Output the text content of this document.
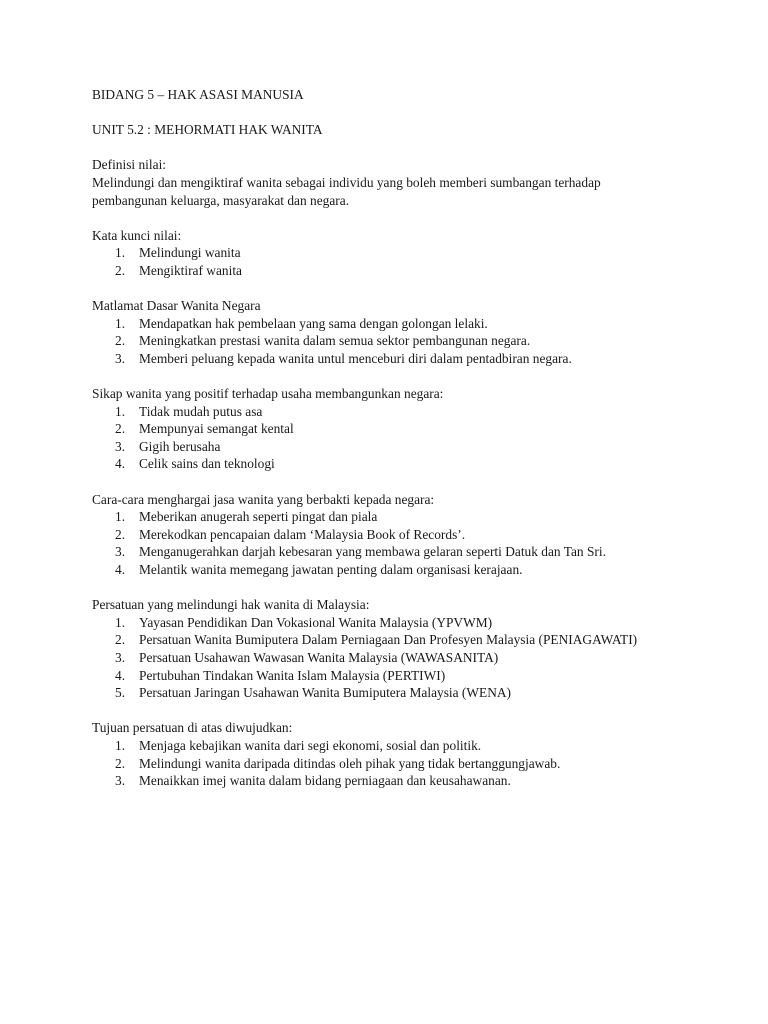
BIDANG 5 – HAK ASASI MANUSIA

UNIT 5.2 : MEHORMATI HAK WANITA

Definisi nilai:

Melindungi dan mengiktiraf wanita sebagai individu yang boleh memberi sumbangan terhadap

pembangunan keluarga, masyarakat dan negara.

Kata kunci nilai:

1.	Melindungi wanita
2.	Mengiktiraf wanita

Matlamat Dasar Wanita Negara

1.	Mendapatkan hak pembelaan yang sama dengan golongan lelaki.
2.	Meningkatkan prestasi wanita dalam semua sektor pembangunan negara.
3.	Memberi peluang kepada wanita untul menceburi diri dalam pentadbiran negara.

Sikap wanita yang positif terhadap usaha membangunkan negara:

1.	Tidak mudah putus asa
2.	Mempunyai semangat kental
3.	Gigih berusaha
4.	Celik sains dan teknologi

Cara-cara menghargai jasa wanita yang berbakti kepada negara:

1.	Meberikan anugerah seperti pingat dan piala
2.	Merekodkan pencapaian dalam ‘Malaysia Book of Records’.
3.	Menganugerahkan darjah kebesaran yang membawa gelaran seperti Datuk dan Tan Sri.
4.	Melantik wanita memegang jawatan penting dalam organisasi kerajaan.

Persatuan yang melindungi hak wanita di Malaysia:

1.	Yayasan Pendidikan Dan Vokasional Wanita Malaysia (YPVWM)
2.	Persatuan Wanita Bumiputera Dalam Perniagaan Dan Profesyen Malaysia (PENIAGAWATI)
3.	Persatuan Usahawan Wawasan Wanita Malaysia (WAWASANITA)
4.	Pertubuhan Tindakan Wanita Islam Malaysia (PERTIWI)
5.	Persatuan Jaringan Usahawan Wanita Bumiputera Malaysia (WENA)

Tujuan persatuan di atas diwujudkan:

1.	Menjaga kebajikan wanita dari segi ekonomi, sosial dan politik.
2.	Melindungi wanita daripada ditindas oleh pihak yang tidak bertanggungjawab.
3.	Menaikkan imej wanita dalam bidang perniagaan dan keusahawanan.
